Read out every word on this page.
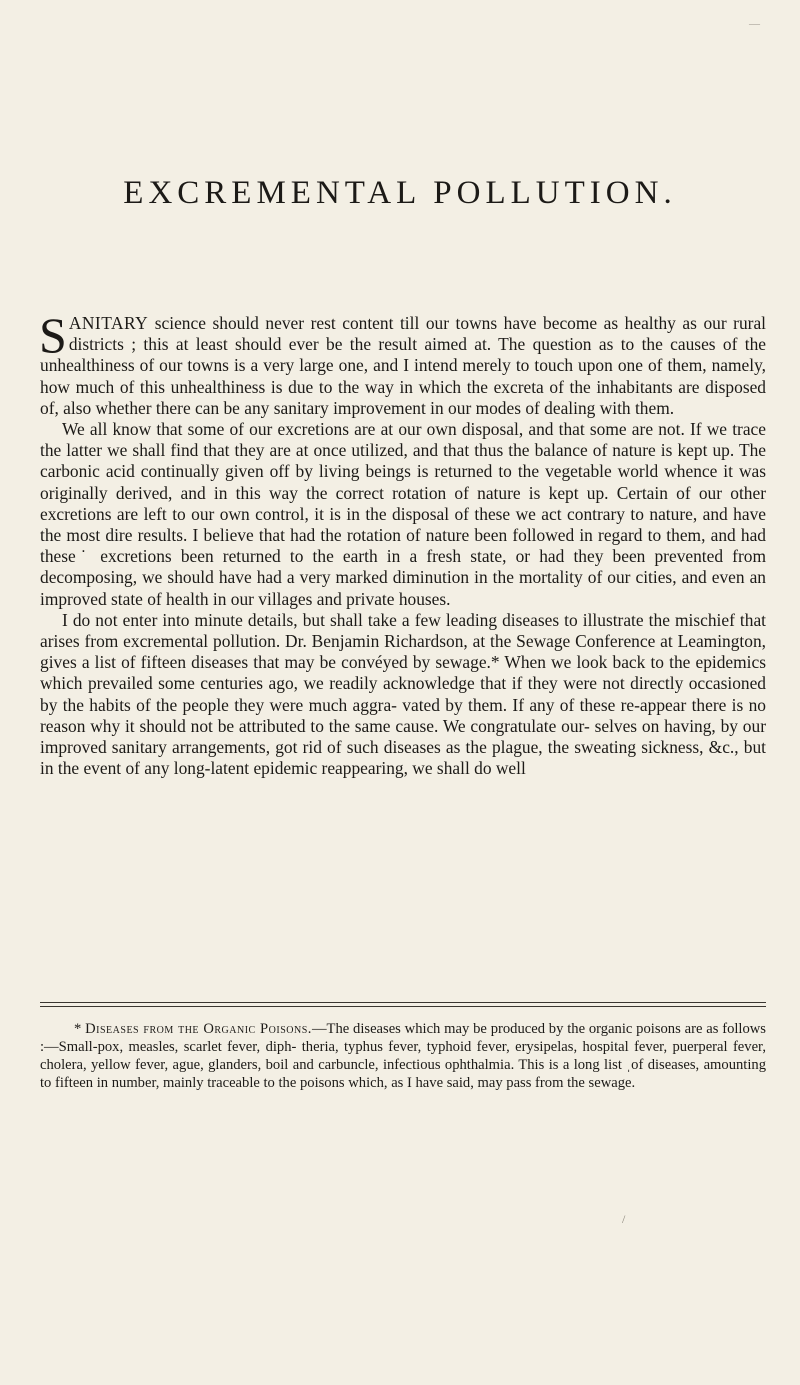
—
EXCREMENTAL POLLUTION.

SANITARY science should never rest content till our towns have become as healthy as our rural districts ; this at least should ever be the result aimed at. The question as to the causes of the unhealthiness of our towns is a very large one, and I intend merely to touch upon one of them, namely, how much of this unhealthiness is due to the way in which the excreta of the inhabitants are disposed of, also whether there can be any sanitary improvement in our modes of dealing with them.

We all know that some of our excretions are at our own disposal, and that some are not. If we trace the latter we shall find that they are at once utilized, and that thus the balance of nature is kept up. The carbonic acid continually given off by living beings is returned to the vegetable world whence it was originally derived, and in this way the correct rotation of nature is kept up. Certain of our other excretions are left to our own control, it is in the disposal of these we act contrary to nature, and have the most dire results. I believe that had the rotation of nature been followed in regard to them, and had these˙ excretions been returned to the earth in a fresh state, or had they been prevented from decomposing, we should have had a very marked diminution in the mortality of our cities, and even an improved state of health in our villages and private houses.

I do not enter into minute details, but shall take a few leading diseases to illustrate the mischief that arises from excremental pollution. Dr. Benjamin Richardson, at the Sewage Conference at Leamington, gives a list of fifteen diseases that may be convéyed by sewage.* When we look back to the epidemics which prevailed some centuries ago, we readily acknowledge that if they were not directly occasioned by the habits of the people they were much aggra- vated by them. If any of these re-appear there is no reason why it should not be attributed to the same cause. We congratulate our- selves on having, by our improved sanitary arrangements, got rid of such diseases as the plague, the sweating sickness, &c., but in the event of any long-latent epidemic reappearing, we shall do well

* Diseases from the Organic Poisons.—The diseases which may be produced by the organic poisons are as follows :—Small-pox, measles, scarlet fever, diph- theria, typhus fever, typhoid fever, erysipelas, hospital fever, puerperal fever, cholera, yellow fever, ague, glanders, boil and carbuncle, infectious ophthalmia. This is a long list ˌof diseases, amounting to fifteen in number, mainly traceable to the poisons which, as I have said, may pass from the sewage.

/
